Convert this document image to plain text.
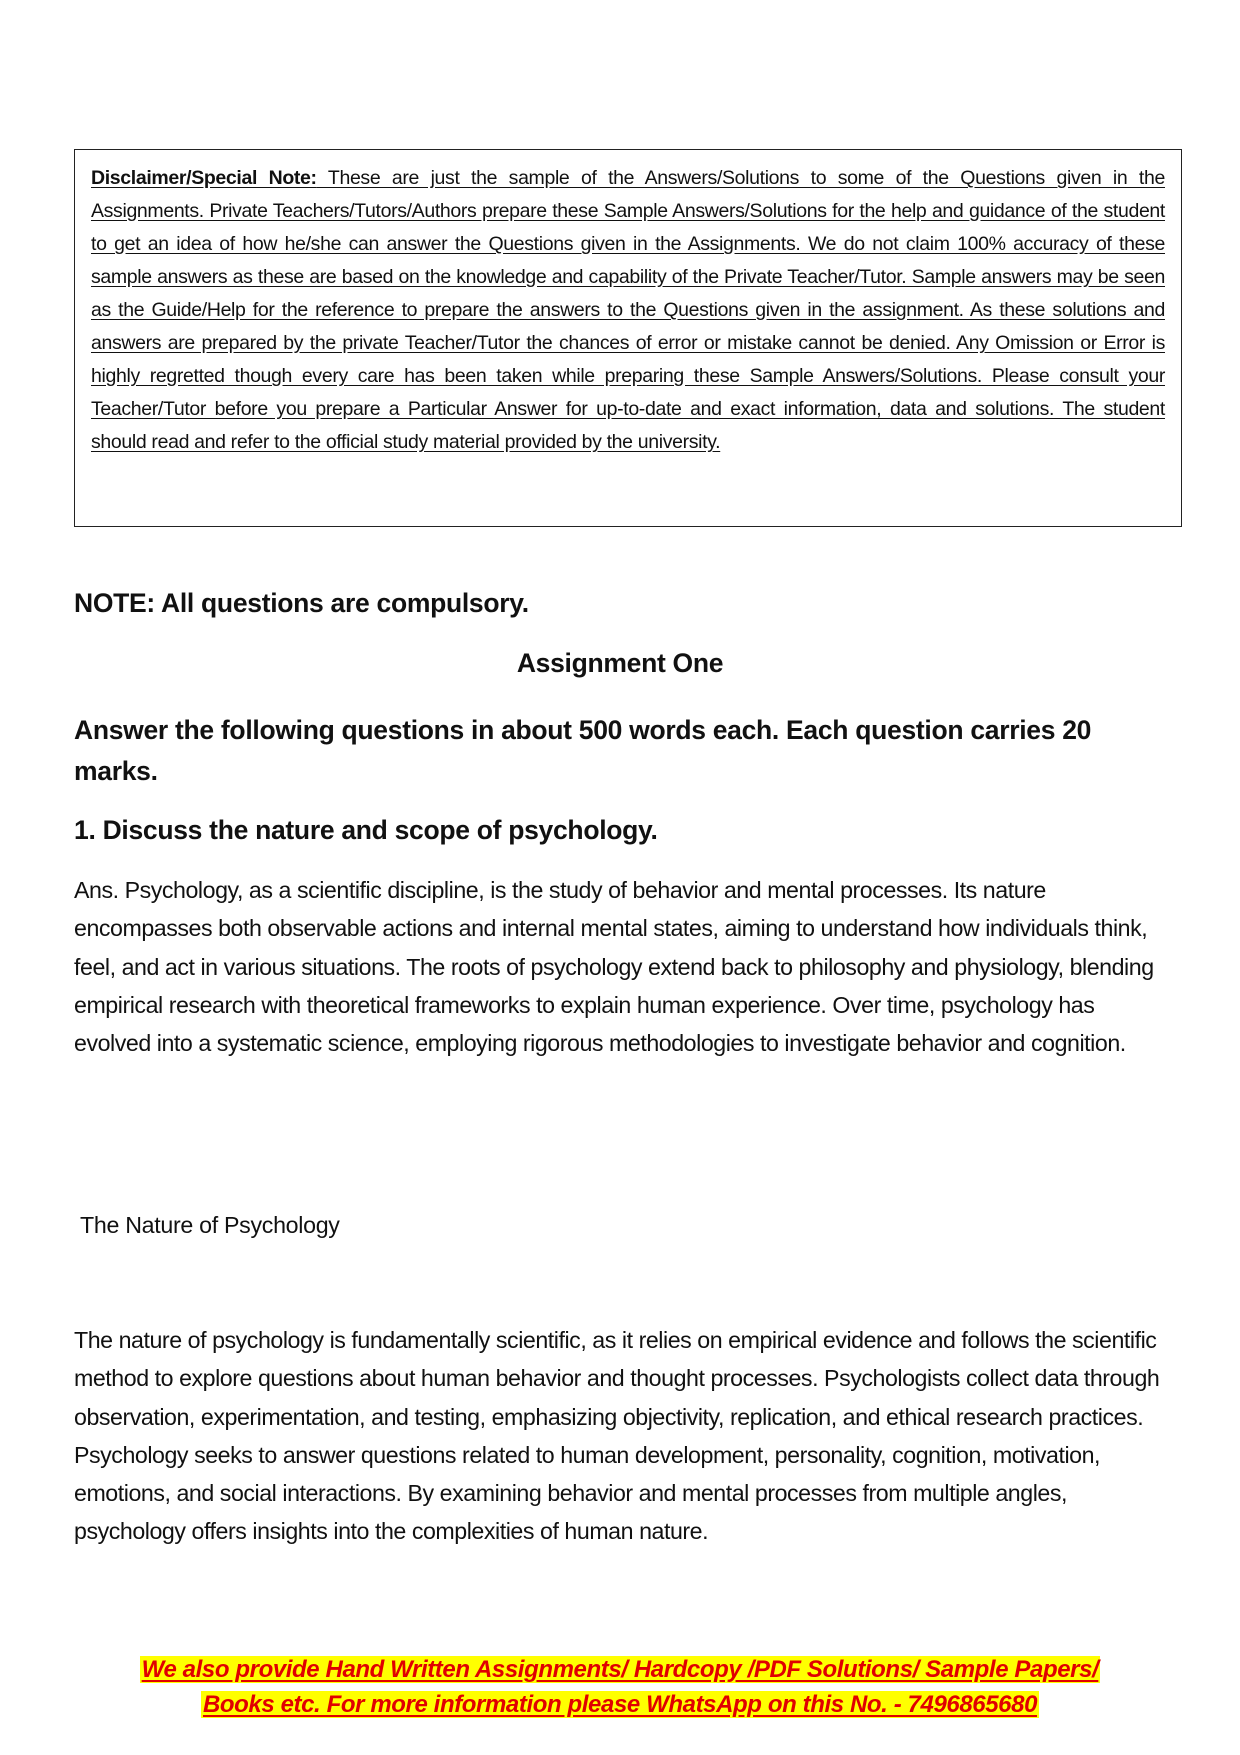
Disclaimer/Special Note: These are just the sample of the Answers/Solutions to some of the Questions given in the Assignments. Private Teachers/Tutors/Authors prepare these Sample Answers/Solutions for the help and guidance of the student to get an idea of how he/she can answer the Questions given in the Assignments. We do not claim 100% accuracy of these sample answers as these are based on the knowledge and capability of the Private Teacher/Tutor. Sample answers may be seen as the Guide/Help for the reference to prepare the answers to the Questions given in the assignment. As these solutions and answers are prepared by the private Teacher/Tutor the chances of error or mistake cannot be denied. Any Omission or Error is highly regretted though every care has been taken while preparing these Sample Answers/Solutions. Please consult your Teacher/Tutor before you prepare a Particular Answer for up-to-date and exact information, data and solutions. The student should read and refer to the official study material provided by the university.
NOTE: All questions are compulsory.
Assignment One
Answer the following questions in about 500 words each. Each question carries 20 marks.
1. Discuss the nature and scope of psychology.
Ans. Psychology, as a scientific discipline, is the study of behavior and mental processes. Its nature encompasses both observable actions and internal mental states, aiming to understand how individuals think, feel, and act in various situations. The roots of psychology extend back to philosophy and physiology, blending empirical research with theoretical frameworks to explain human experience. Over time, psychology has evolved into a systematic science, employing rigorous methodologies to investigate behavior and cognition.
The Nature of Psychology
The nature of psychology is fundamentally scientific, as it relies on empirical evidence and follows the scientific method to explore questions about human behavior and thought processes. Psychologists collect data through observation, experimentation, and testing, emphasizing objectivity, replication, and ethical research practices. Psychology seeks to answer questions related to human development, personality, cognition, motivation, emotions, and social interactions. By examining behavior and mental processes from multiple angles, psychology offers insights into the complexities of human nature.
We also provide Hand Written Assignments/ Hardcopy /PDF Solutions/ Sample Papers/
Books etc. For more information please WhatsApp on this No. - 7496865680
